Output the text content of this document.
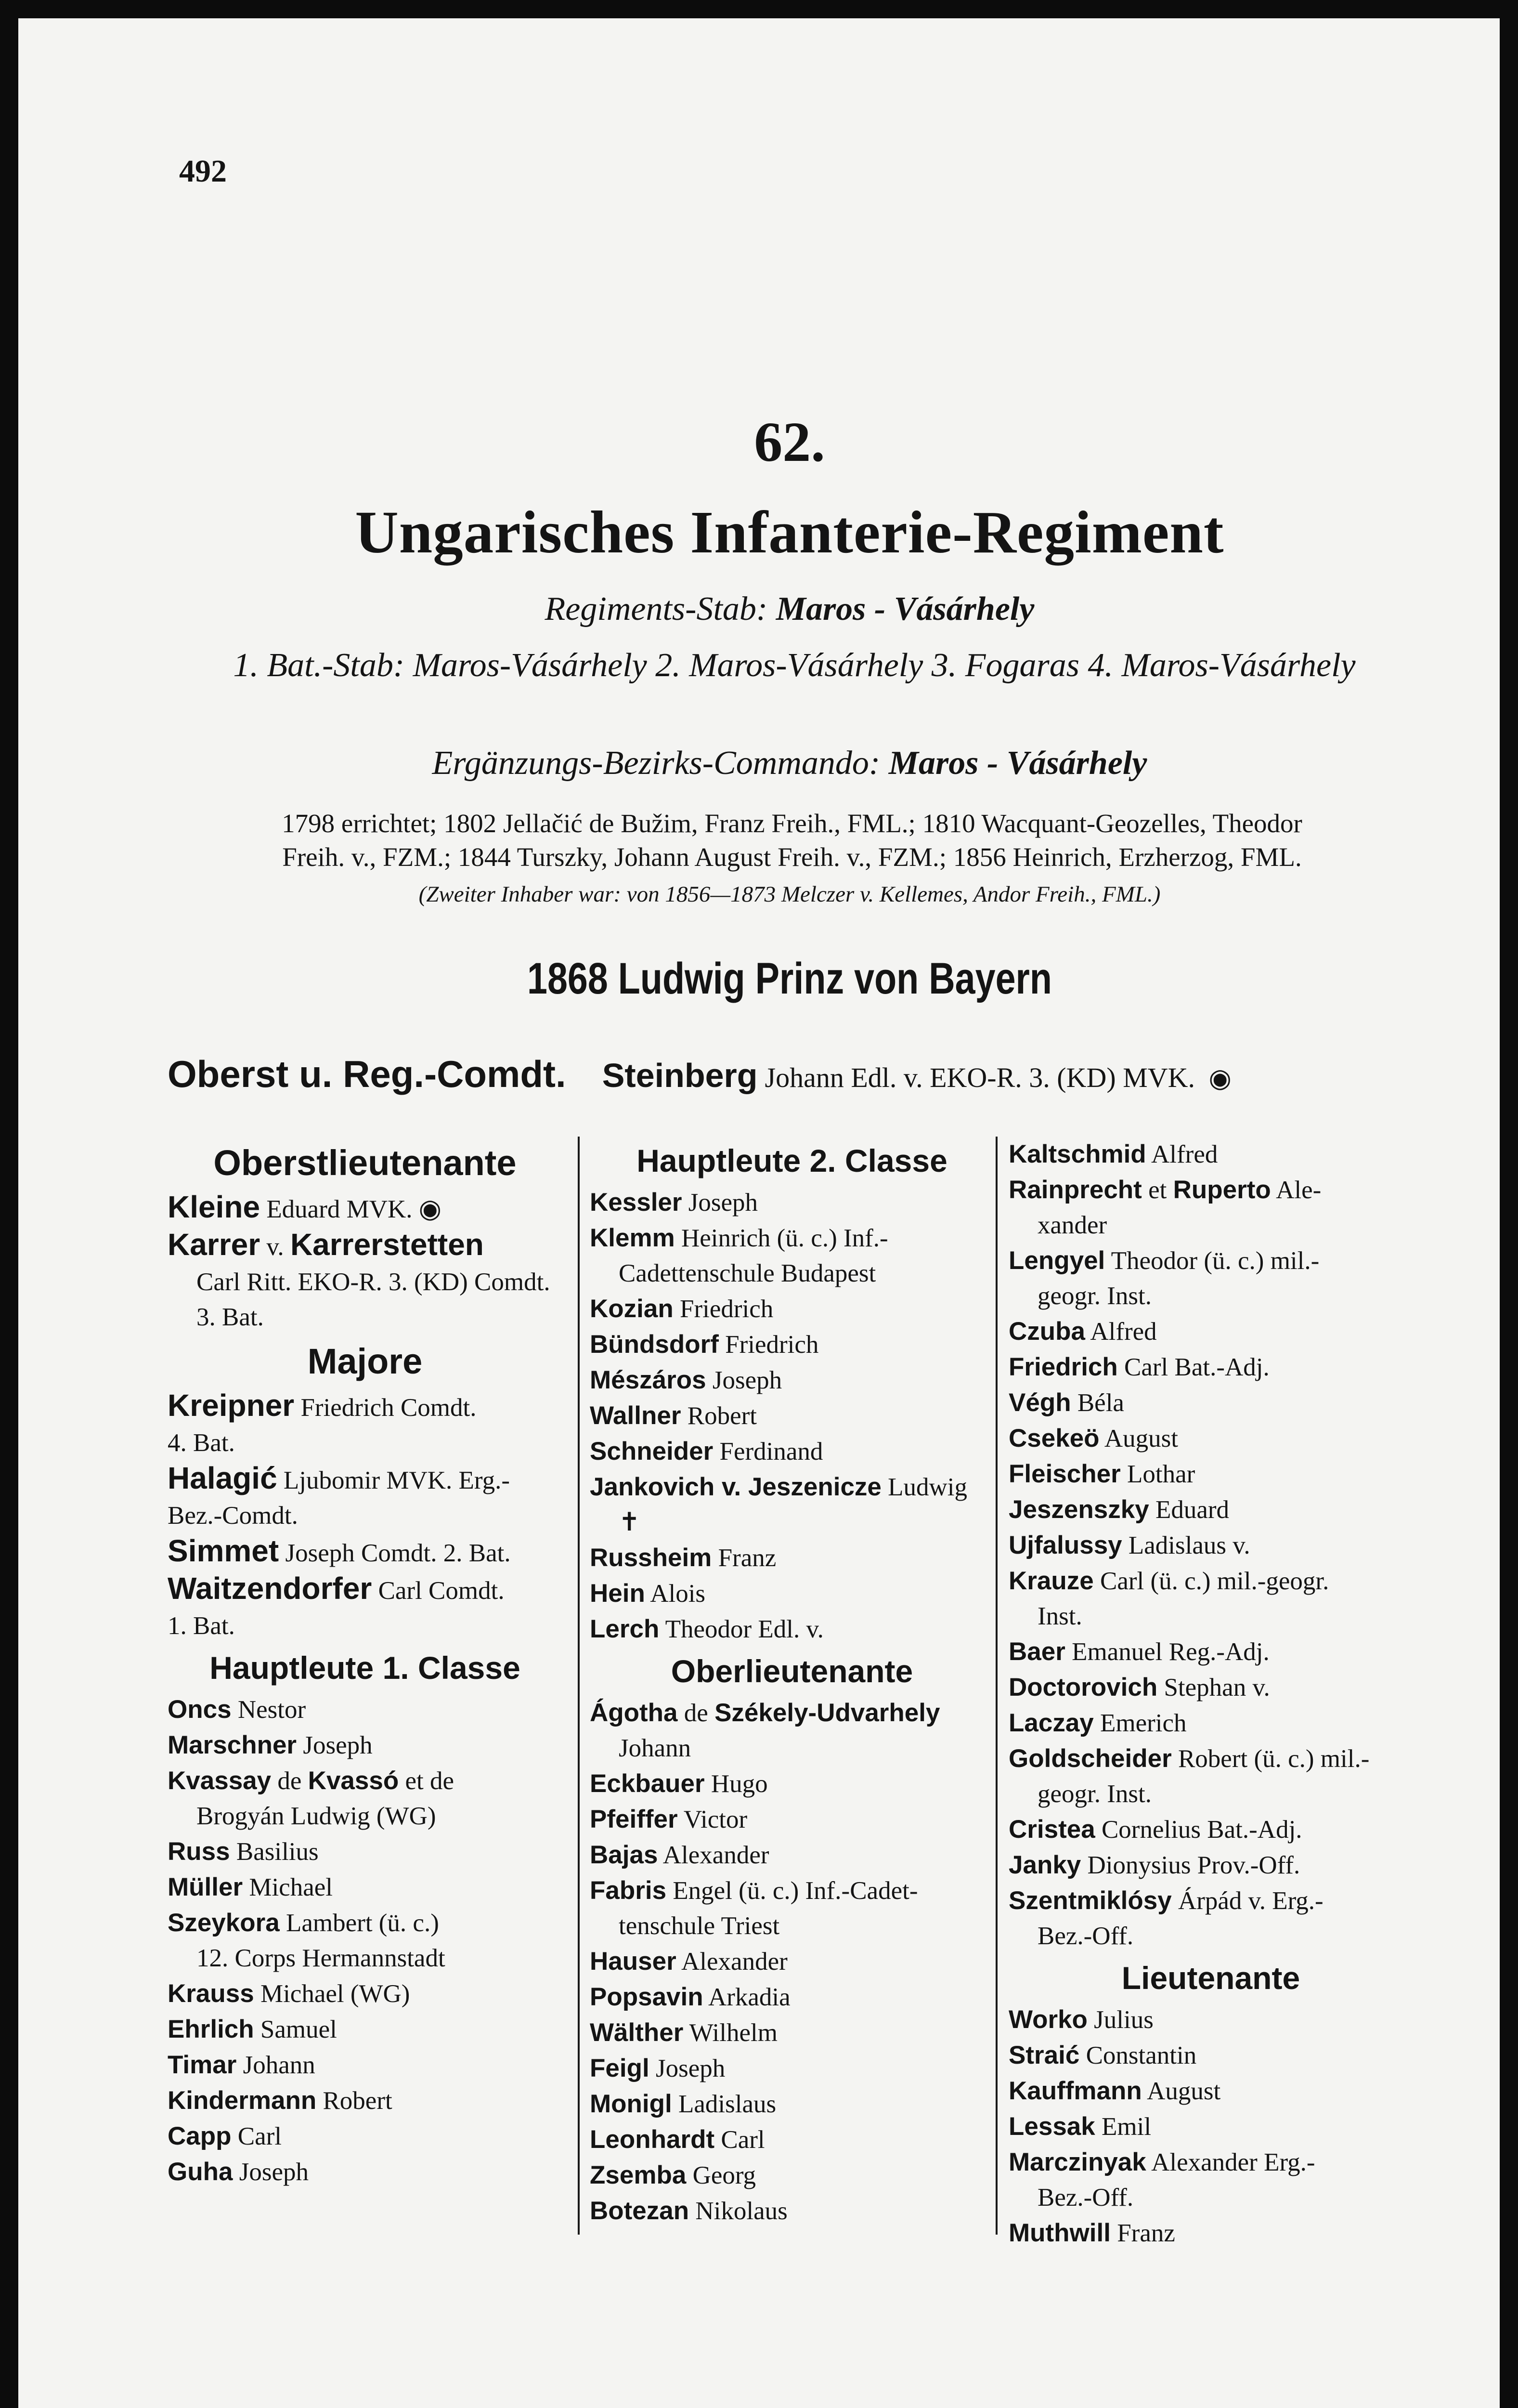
492
62.
Ungarisches Infanterie-Regiment
Regiments-Stab: Maros - Vásárhely
1. Bat.-Stab: Maros-Vásárhely 2. Maros-Vásárhely 3. Fogaras 4. Maros-Vásárhely
Ergänzungs-Bezirks-Commando: Maros - Vásárhely
1798 errichtet; 1802 Jellačić de Bužim, Franz Freih., FML.; 1810 Wacquant-Geozelles, Theodor
Freih. v., FZM.; 1844 Turszky, Johann August Freih. v., FZM.; 1856 Heinrich, Erzherzog, FML.
(Zweiter Inhaber war: von 1856—1873 Melczer v. Kellemes, Andor Freih., FML.)
1868 Ludwig Prinz von Bayern
Oberst u. Reg.-Comdt. Steinberg Johann Edl. v. EKO-R. 3. (KD) MVK.  ◉
Oberstlieutenante
Kleine Eduard MVK. ◉
Karrer v. Karrerstetten
Carl Ritt. EKO-R. 3. (KD) Comdt. 3. Bat.
Majore
Kreipner Friedrich Comdt.
4. Bat.
Halagić Ljubomir MVK. Erg.-
Bez.-Comdt.
Simmet Joseph Comdt. 2. Bat.
Waitzendorfer Carl Comdt.
1. Bat.
Hauptleute 1. Classe
Oncs Nestor
Marschner Joseph
Kvassay de Kvassó et de
Brogyán Ludwig (WG)
Russ Basilius
Müller Michael
Szeykora Lambert (ü. c.)
12. Corps Hermannstadt
Krauss Michael (WG)
Ehrlich Samuel
Timar Johann
Kindermann Robert
Capp Carl
Guha Joseph
Hauptleute 2. Classe
Kessler Joseph
Klemm Heinrich (ü. c.) Inf.-
Cadettenschule Budapest
Kozian Friedrich
Bündsdorf Friedrich
Mészáros Joseph
Wallner Robert
Schneider Ferdinand
Jankovich v. Jeszenicze Ludwig
✝
Russheim Franz
Hein Alois
Lerch Theodor Edl. v.
Oberlieutenante
Ágotha de Székely-Udvarhely
Johann
Eckbauer Hugo
Pfeiffer Victor
Bajas Alexander
Fabris Engel (ü. c.) Inf.-Cadet-
tenschule Triest
Hauser Alexander
Popsavin Arkadia
Wälther Wilhelm
Feigl Joseph
Monigl Ladislaus
Leonhardt Carl
Zsemba Georg
Botezan Nikolaus
Kaltschmid Alfred
Rainprecht et Ruperto Ale-
xander
Lengyel Theodor (ü. c.) mil.-
geogr. Inst.
Czuba Alfred
Friedrich Carl Bat.-Adj.
Végh Béla
Csekeö August
Fleischer Lothar
Jeszenszky Eduard
Ujfalussy Ladislaus v.
Krauze Carl (ü. c.) mil.-geogr.
Inst.
Baer Emanuel Reg.-Adj.
Doctorovich Stephan v.
Laczay Emerich
Goldscheider Robert (ü. c.) mil.-
geogr. Inst.
Cristea Cornelius Bat.-Adj.
Janky Dionysius Prov.-Off.
Szentmiklósy Árpád v. Erg.-
Bez.-Off.
Lieutenante
Worko Julius
Straić Constantin
Kauffmann August
Lessak Emil
Marczinyak Alexander Erg.-
Bez.-Off.
Muthwill Franz
